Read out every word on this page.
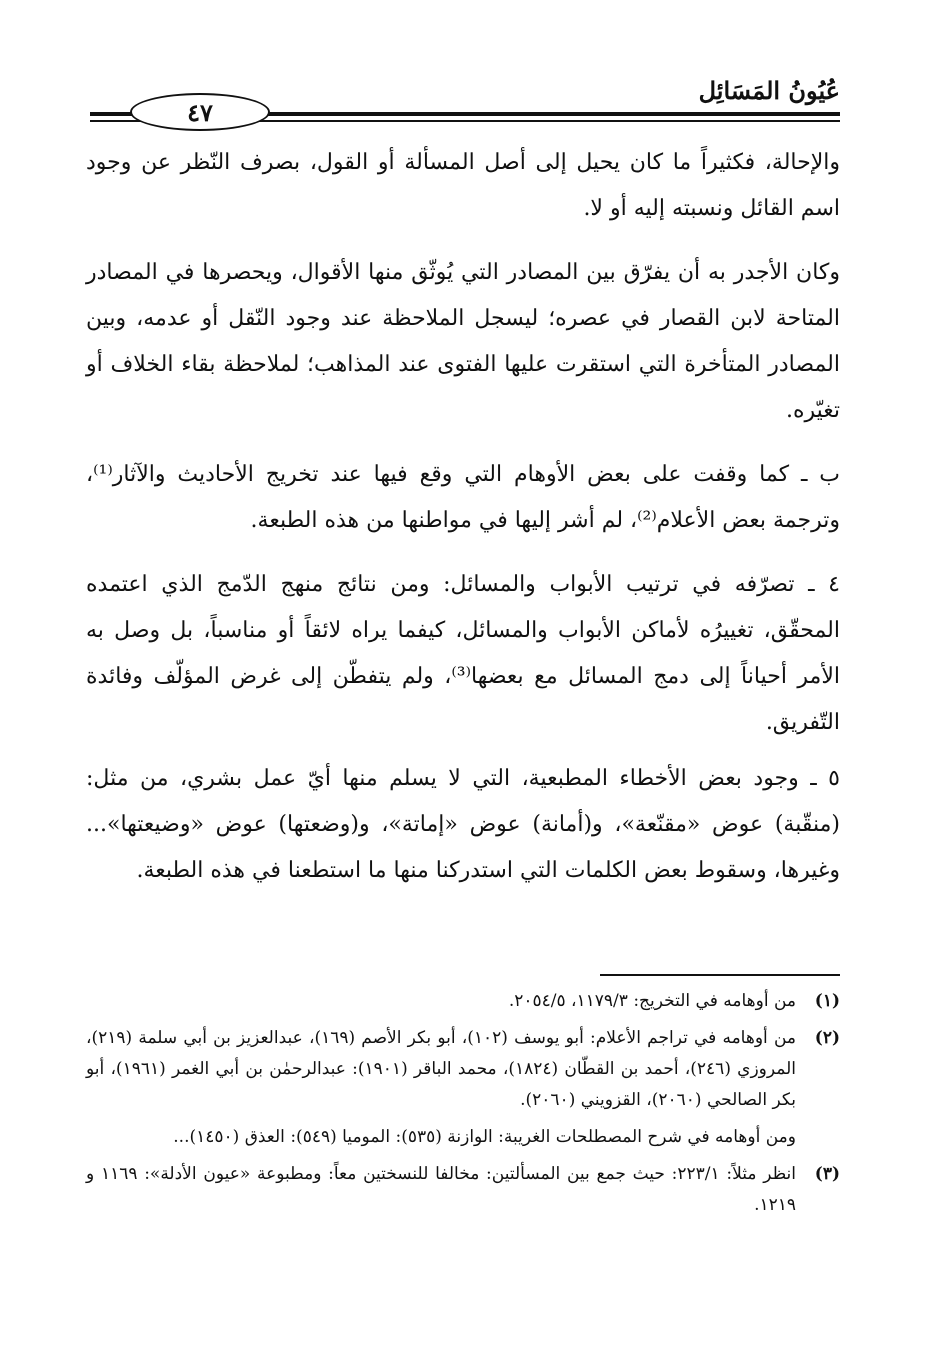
عُيُونُ المَسَائِل
٤٧

والإحالة، فكثيراً ما كان يحيل إلى أصل المسألة أو القول، بصرف النّظر عن وجود اسم القائل ونسبته إليه أو لا.

وكان الأجدر به أن يفرّق بين المصادر التي يُوثّق منها الأقوال، ويحصرها في المصادر المتاحة لابن القصار في عصره؛ ليسجل الملاحظة عند وجود النّقل أو عدمه، وبين المصادر المتأخرة التي استقرت عليها الفتوى عند المذاهب؛ لملاحظة بقاء الخلاف أو تغيّره.

ب ـ كما وقفت على بعض الأوهام التي وقع فيها عند تخريج الأحاديث والآثار⁽¹⁾، وترجمة بعض الأعلام⁽²⁾، لم أشر إليها في مواطنها من هذه الطبعة.

٤ ـ تصرّفه في ترتيب الأبواب والمسائل: ومن نتائج منهج الدّمج الذي اعتمده المحقّق، تغييرُه لأماكن الأبواب والمسائل، كيفما يراه لائقاً أو مناسباً، بل وصل به الأمر أحياناً إلى دمج المسائل مع بعضها⁽³⁾، ولم يتفطّن إلى غرض المؤلّف وفائدة التّفريق.

٥ ـ وجود بعض الأخطاء المطبعية، التي لا يسلم منها أيّ عمل بشري، من مثل: (منقّبة) عوض «مقنّعة»، و(أمانة) عوض «إماتة»، و(وضعتها) عوض «وضيعتها»... وغيرها، وسقوط بعض الكلمات التي استدركنا منها ما استطعنا في هذه الطبعة.

(١)
من أوهامه في التخريج: ١١٧٩/٣، ٢٠٥٤/٥.
(٢)
من أوهامه في تراجم الأعلام: أبو يوسف (١٠٢)، أبو بكر الأصم (١٦٩)، عبدالعزيز بن أبي سلمة (٢١٩)، المروزي (٢٤٦)، أحمد بن القطّان (١٨٢٤)، محمد الباقر (١٩٠١): عبدالرحمٰن بن أبي الغمر (١٩٦١)، أبو بكر الصالحي (٢٠٦٠)، القزويني (٢٠٦٠).
ومن أوهامه في شرح المصطلحات الغريبة: الوازنة (٥٣٥): الموميا (٥٤٩): العذق (١٤٥٠)...
(٣)
انظر مثلاً: ٢٢٣/١: حيث جمع بين المسألتين: مخالفا للنسختين معاً: ومطبوعة «عيون الأدلة»: ١١٦٩ و ١٢١٩.
